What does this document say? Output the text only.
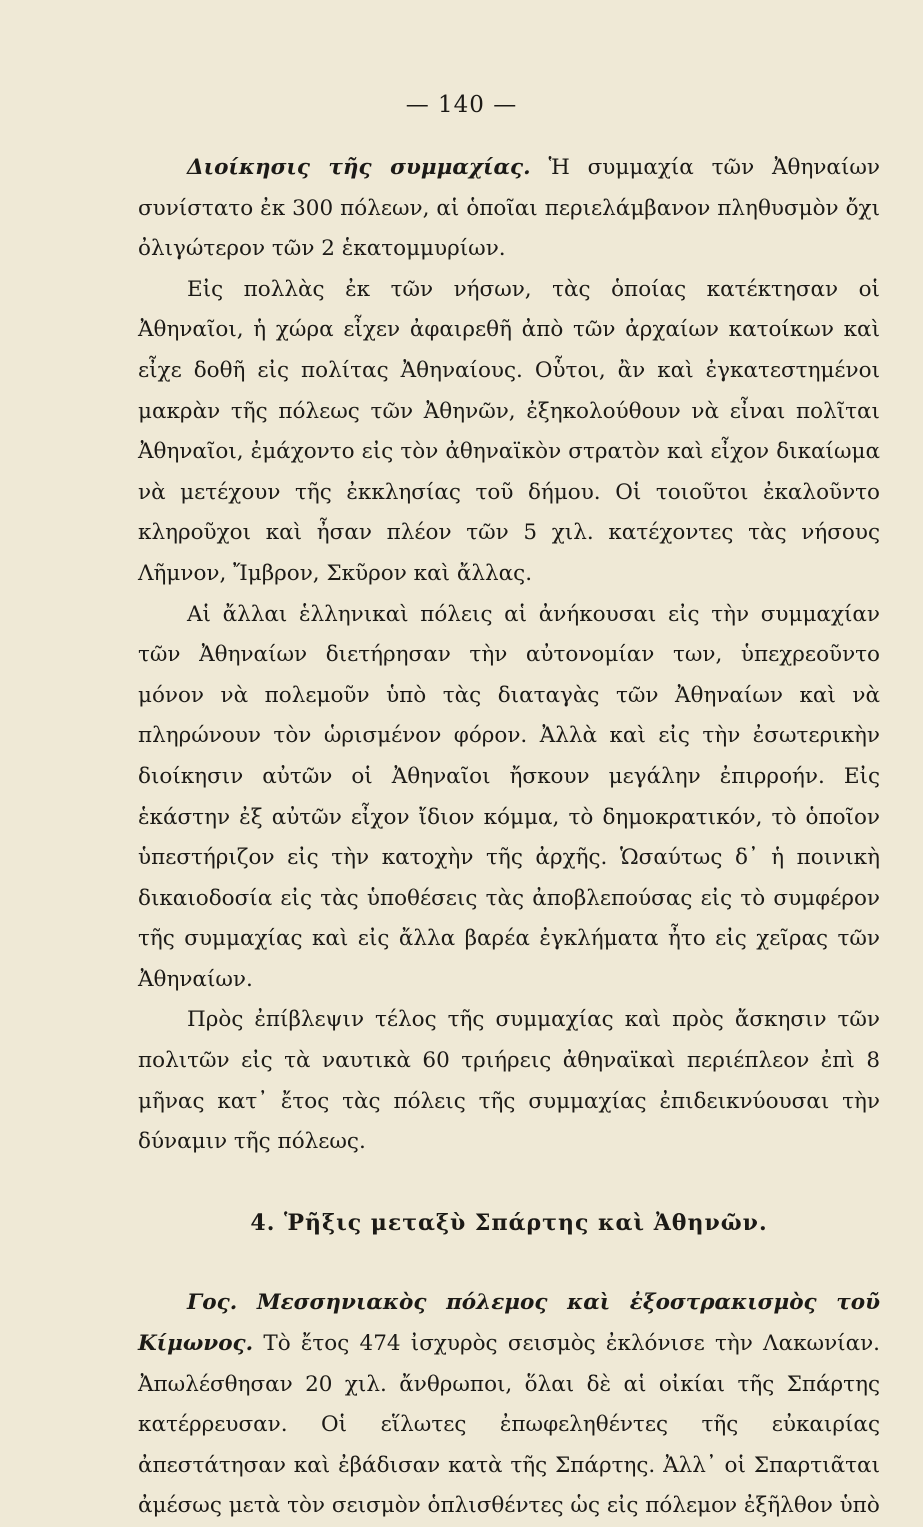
— 140 —

Διοίκησις τῆς συμμαχίας. Ἡ συμμαχία τῶν Ἀθηναίων συνίστατο ἐκ 300 πόλεων, αἱ ὁποῖαι περιελάμβανον πληθυσμὸν ὄχι ὀλιγώτερον τῶν 2 ἑκατομμυρίων.

Εἰς πολλὰς ἐκ τῶν νήσων, τὰς ὁποίας κατέκτησαν οἱ Ἀθηναῖοι, ἡ χώρα εἶχεν ἀφαιρεθῆ ἀπὸ τῶν ἀρχαίων κατοίκων καὶ εἶχε δοθῆ εἰς πολίτας Ἀθηναίους. Οὗτοι, ἂν καὶ ἐγκατεστημένοι μακρὰν τῆς πόλεως τῶν Ἀθηνῶν, ἐξηκολούθουν νὰ εἶναι πολῖται Ἀθηναῖοι, ἐμάχοντο εἰς τὸν ἀθηναϊκὸν στρατὸν καὶ εἶχον δικαίωμα νὰ μετέχουν τῆς ἐκκλησίας τοῦ δήμου. Οἱ τοιοῦτοι ἐκαλοῦντο κληροῦχοι καὶ ἦσαν πλέον τῶν 5 χιλ. κατέχοντες τὰς νήσους Λῆμνον, Ἴμβρον, Σκῦρον καὶ ἄλλας.

Αἱ ἄλλαι ἑλληνικαὶ πόλεις αἱ ἀνήκουσαι εἰς τὴν συμμαχίαν τῶν Ἀθηναίων διετήρησαν τὴν αὐτονομίαν των, ὑπεχρεοῦντο μόνον νὰ πολεμοῦν ὑπὸ τὰς διαταγὰς τῶν Ἀθηναίων καὶ νὰ πληρώνουν τὸν ὡρισμένον φόρον. Ἀλλὰ καὶ εἰς τὴν ἐσωτερικὴν διοίκησιν αὐτῶν οἱ Ἀθηναῖοι ἤσκουν μεγάλην ἐπιρροήν. Εἰς ἑκάστην ἐξ αὐτῶν εἶχον ἴδιον κόμμα, τὸ δημοκρατικόν, τὸ ὁποῖον ὑπεστήριζον εἰς τὴν κατοχὴν τῆς ἀρχῆς. Ὡσαύτως δ᾽ ἡ ποινικὴ δικαιοδοσία εἰς τὰς ὑποθέσεις τὰς ἀποβλεπούσας εἰς τὸ συμφέρον τῆς συμμαχίας καὶ εἰς ἄλλα βαρέα ἐγκλήματα ἦτο εἰς χεῖρας τῶν Ἀθηναίων.

Πρὸς ἐπίβλεψιν τέλος τῆς συμμαχίας καὶ πρὸς ἄσκησιν τῶν πολιτῶν εἰς τὰ ναυτικὰ 60 τριήρεις ἀθηναϊκαὶ περιέπλεον ἐπὶ 8 μῆνας κατ᾽ ἔτος τὰς πόλεις τῆς συμμαχίας ἐπιδεικνύουσαι τὴν δύναμιν τῆς πόλεως.

4. Ῥῆξις μεταξὺ Σπάρτης καὶ Ἀθηνῶν.

Γος. Μεσσηνιακὸς πόλεμος καὶ ἐξοστρακισμὸς τοῦ Κίμωνος. Τὸ ἔτος 474 ἰσχυρὸς σεισμὸς ἐκλόνισε τὴν Λακωνίαν. Ἀπωλέσθησαν 20 χιλ. ἄνθρωποι, ὅλαι δὲ αἱ οἰκίαι τῆς Σπάρτης κατέρρευσαν. Οἱ εἵλωτες ἐπωφεληθέντες τῆς εὐκαιρίας ἀπεστάτησαν καὶ ἐβάδισαν κατὰ τῆς Σπάρτης. Ἀλλ᾽ οἱ Σπαρτιᾶται ἀμέσως μετὰ τὸν σεισμὸν ὁπλισθέντες ὡς εἰς πόλεμον ἐξῆλθον ὑπὸ
